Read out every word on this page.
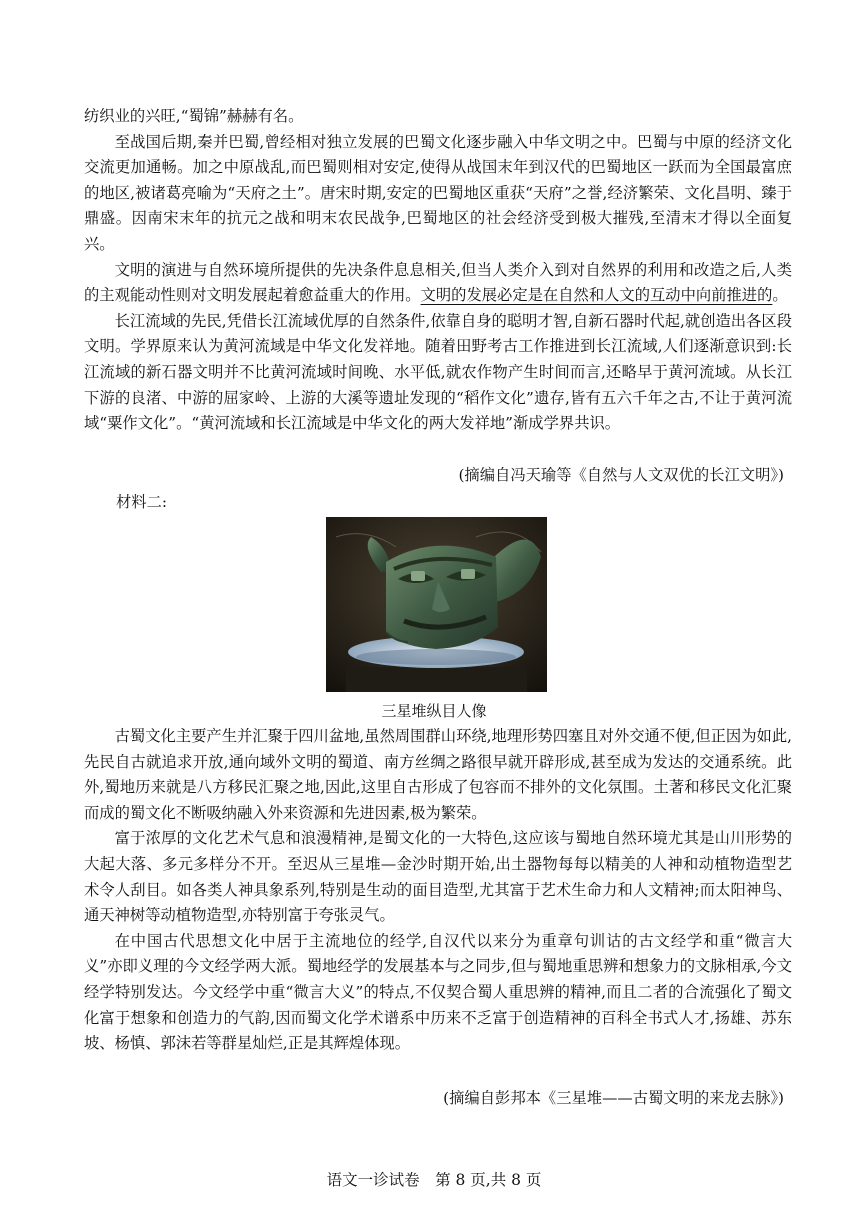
纺织业的兴旺,“蜀锦”赫赫有名。

至战国后期,秦并巴蜀,曾经相对独立发展的巴蜀文化逐步融入中华文明之中。巴蜀与中原的经济文化交流更加通畅。加之中原战乱,而巴蜀则相对安定,使得从战国末年到汉代的巴蜀地区一跃而为全国最富庶的地区,被诸葛亮喻为“天府之土”。唐宋时期,安定的巴蜀地区重获“天府”之誉,经济繁荣、文化昌明、臻于鼎盛。因南宋末年的抗元之战和明末农民战争,巴蜀地区的社会经济受到极大摧残,至清末才得以全面复兴。

文明的演进与自然环境所提供的先决条件息息相关,但当人类介入到对自然界的利用和改造之后,人类的主观能动性则对文明发展起着愈益重大的作用。文明的发展必定是在自然和人文的互动中向前推进的。

长江流域的先民,凭借长江流域优厚的自然条件,依靠自身的聪明才智,自新石器时代起,就创造出各区段文明。学界原来认为黄河流域是中华文化发祥地。随着田野考古工作推进到长江流域,人们逐渐意识到:长江流域的新石器文明并不比黄河流域时间晚、水平低,就农作物产生时间而言,还略早于黄河流域。从长江下游的良渚、中游的屈家岭、上游的大溪等遗址发现的“稻作文化”遗存,皆有五六千年之古,不让于黄河流域“粟作文化”。“黄河流域和长江流域是中华文化的两大发祥地”渐成学界共识。

(摘编自冯天瑜等《自然与人文双优的长江文明》)
材料二:
三星堆纵目人像

古蜀文化主要产生并汇聚于四川盆地,虽然周围群山环绕,地理形势四塞且对外交通不便,但正因为如此,先民自古就追求开放,通向域外文明的蜀道、南方丝绸之路很早就开辟形成,甚至成为发达的交通系统。此外,蜀地历来就是八方移民汇聚之地,因此,这里自古形成了包容而不排外的文化氛围。土著和移民文化汇聚而成的蜀文化不断吸纳融入外来资源和先进因素,极为繁荣。

富于浓厚的文化艺术气息和浪漫精神,是蜀文化的一大特色,这应该与蜀地自然环境尤其是山川形势的大起大落、多元多样分不开。至迟从三星堆—金沙时期开始,出土器物每每以精美的人神和动植物造型艺术令人刮目。如各类人神具象系列,特别是生动的面目造型,尤其富于艺术生命力和人文精神;而太阳神鸟、通天神树等动植物造型,亦特别富于夸张灵气。

在中国古代思想文化中居于主流地位的经学,自汉代以来分为重章句训诂的古文经学和重“微言大义”亦即义理的今文经学两大派。蜀地经学的发展基本与之同步,但与蜀地重思辨和想象力的文脉相承,今文经学特别发达。今文经学中重“微言大义”的特点,不仅契合蜀人重思辨的精神,而且二者的合流强化了蜀文化富于想象和创造力的气韵,因而蜀文化学术谱系中历来不乏富于创造精神的百科全书式人才,扬雄、苏东坡、杨慎、郭沫若等群星灿烂,正是其辉煌体现。

(摘编自彭邦本《三星堆——古蜀文明的来龙去脉》)
语文一诊试卷　第 8 页,共 8 页
